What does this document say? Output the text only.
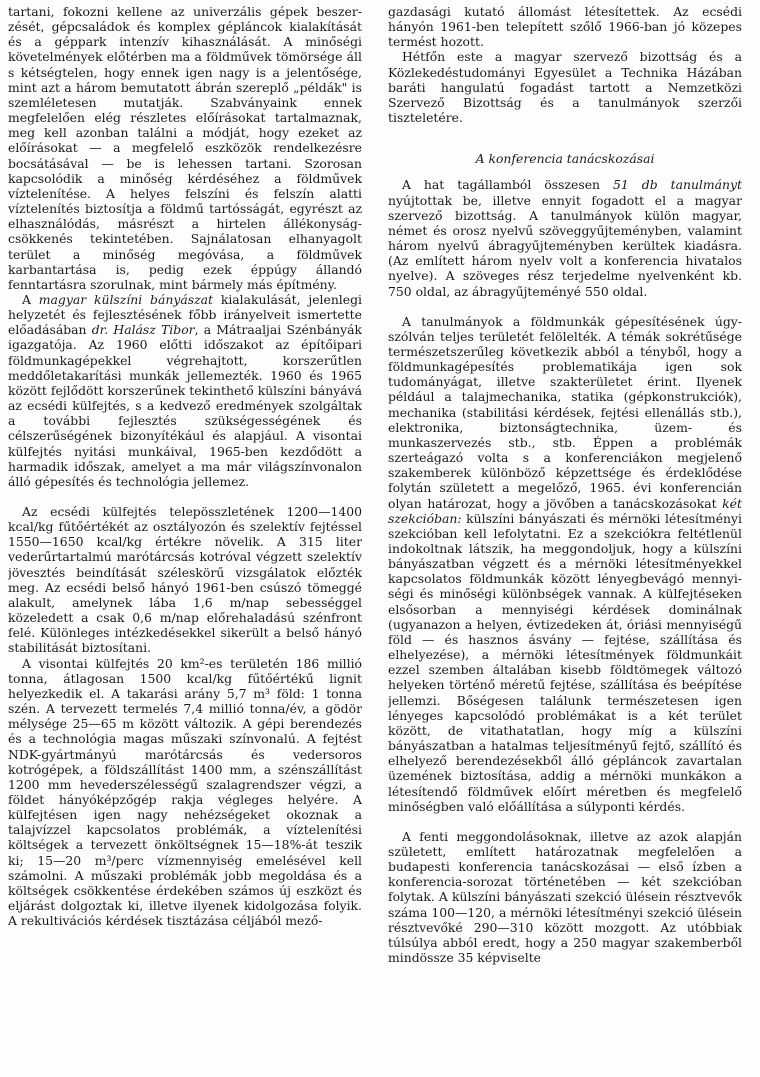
tartani, fokozni kellene az univerzális gépek beszerzését, gépcsaládok és komplex gépláncok kialakítását és a géppark intenzív kihasználását. A minőségi követelmények előtérben ma a földművek tömörsége áll s kétségtelen, hogy ennek igen nagy is a jelentősége, mint azt a három bemutatott ábrán szereplő „példák" is szemléletesen mutatják. Szabványaink ennek megfelelően elég részletes előírásokat tartalmaznak, meg kell azonban találni a módját, hogy ezeket az előírásokat — a megfelelő eszközök rendelkezésre bocsátásával — be is lehessen tartani. Szorosan kapcsolódik a minőség kérdéséhez a földművek víztelenítése. A helyes felszíni és felszín alatti víztelenítés biztosítja a földmű tartósságát, egyrészt az elhasználódás, másrészt a hirtelen állékonyság-csökkenés tekintetében. Sajnálatosan elhanyagolt terület a minőség megóvása, a földművek karbantartása is, pedig ezek éppúgy állandó fenntartásra szorulnak, mint bármely más építmény.

A magyar külszíni bányászat kialakulását, jelenlegi helyzetét és fejlesztésének főbb irányelveit ismertette előadásában dr. Halász Tibor, a Mátraaljai Szénbányák igazgatója. Az 1960 előtti időszakot az építőipari földmunkagépekkel végrehajtott, korszerűtlen meddőletakarítási munkák jellemezték. 1960 és 1965 között fejlődött korszerűnek tekinthető külszíni bányává az ecsédi külfejtés, s a kedvező eredmények szolgáltak a további fejlesztés szükségességének és célszerűségének bizonyítékául és alapjául. A visontai külfejtés nyitási munkáival, 1965-ben kezdődött a harmadik időszak, amelyet a ma már világszínvonalon álló gépesítés és technológia jellemez.

Az ecsédi külfejtés telepösszletének 1200—1400 kcal/kg fűtőértékét az osztályozón és szelektív fejtéssel 1550—1650 kcal/kg értékre növelik. A 315 liter vederűrtartalmú marótárcsás kotróval végzett szelektív jövesztés beindítását széleskörű vizsgálatok előzték meg. Az ecsédi belső hányó 1961-ben csúszó tömeggé alakult, amelynek lába 1,6 m/nap sebességgel közeledett a csak 0,6 m/nap előrehaladású szénfront felé. Különleges intézkedésekkel sikerült a belső hányó stabilitását biztosítani.

A visontai külfejtés 20 km²-es területén 186 millió tonna, átlagosan 1500 kcal/kg fűtőértékű lignit helyezkedik el. A takarási arány 5,7 m³ föld: 1 tonna szén. A tervezett termelés 7,4 millió tonna/év, a gödör mélysége 25—65 m között változik. A gépi berendezés és a technológia magas műszaki színvonalú. A fejtést NDK-gyártmányú marótárcsás és vedersoros kotrógépek, a földszállítást 1400 mm, a szénszállítást 1200 mm hevederszélességű szalagrendszer végzi, a földet hányóképzőgép rakja végleges helyére. A külfejtésen igen nagy nehézségeket okoznak a talajvízzel kapcsolatos problémák, a víztelenítési költségek a tervezett önköltségnek 15—18%-át teszik ki; 15—20 m³/perc vízmennyiség emelésével kell számolni. A műszaki problémák jobb megoldása és a költségek csökkentése érdekében számos új eszközt és eljárást dolgoztak ki, illetve ilyenek kidolgozása folyik. A rekultivációs kérdések tisztázása céljából mező-

gazdasági kutató állomást létesítettek. Az ecsédi hányón 1961-ben telepített szőlő 1966-ban jó közepes termést hozott.

Hétfőn este a magyar szervező bizottság és a Közlekedéstudományi Egyesület a Technika Házában baráti hangulatú fogadást tartott a Nemzetközi Szervező Bizottság és a tanulmányok szerzői tiszteletére.

A konferencia tanácskozásai

A hat tagállamból összesen 51 db tanulmányt nyújtottak be, illetve ennyit fogadott el a magyar szervező bizottság. A tanulmányok külön magyar, német és orosz nyelvű szöveggyűjteményben, valamint három nyelvű ábragyűjteményben kerültek kiadásra. (Az említett három nyelv volt a konferencia hivatalos nyelve). A szöveges rész terjedelme nyelvenként kb. 750 oldal, az ábragyűjteményé 550 oldal.

A tanulmányok a földmunkák gépesítésének úgyszólván teljes területét felölelték. A témák sokrétűsége természetszerűleg következik abból a tényből, hogy a földmunkagépesítés problematikája igen sok tudományágat, illetve szakterületet érint. Ilyenek például a talajmechanika, statika (gépkonstrukciók), mechanika (stabilitási kérdések, fejtési ellenállás stb.), elektronika, biztonságtechnika, üzem- és munkaszervezés stb., stb. Éppen a problémák szerteágazó volta s a konferenciákon megjelenő szakemberek különböző képzettsége és érdeklődése folytán született a megelőző, 1965. évi konferencián olyan határozat, hogy a jövőben a tanácskozásokat két szekcióban: külszíni bányászati és mérnöki létesítményi szekcióban kell lefolytatni. Ez a szekciókra feltétlenül indokoltnak látszik, ha meggondoljuk, hogy a külszíni bányászatban végzett és a mérnöki létesítményekkel kapcsolatos földmunkák között lényegbevágó mennyiségi és minőségi különbségek vannak. A külfejtéseken elsősorban a mennyiségi kérdések dominálnak (ugyanazon a helyen, évtizedeken át, óriási mennyiségű föld — és hasznos ásvány — fejtése, szállítása és elhelyezése), a mérnöki létesítmények földmunkáit ezzel szemben általában kisebb földtömegek változó helyeken történő méretű fejtése, szállítása és beépítése jellemzi. Bőségesen találunk természetesen igen lényeges kapcsolódó problémákat is a két terület között, de vitathatatlan, hogy míg a külszíni bányászatban a hatalmas teljesítményű fejtő, szállító és elhelyező berendezésekből álló gépláncok zavartalan üzemének biztosítása, addig a mérnöki munkákon a létesítendő földművek előírt méretben és megfelelő minőségben való előállítása a súlyponti kérdés.

A fenti meggondolásoknak, illetve az azok alapján született, említett határozatnak megfelelően a budapesti konferencia tanácskozásai — első ízben a konferencia-sorozat történetében — két szekcióban folytak. A külszíni bányászati szekció ülésein résztvevők száma 100—120, a mérnöki létesítményi szekció ülésein résztvevőké 290—310 között mozgott. Az utóbbiak túlsúlya abból eredt, hogy a 250 magyar szakemberből mindössze 35 képviselte
